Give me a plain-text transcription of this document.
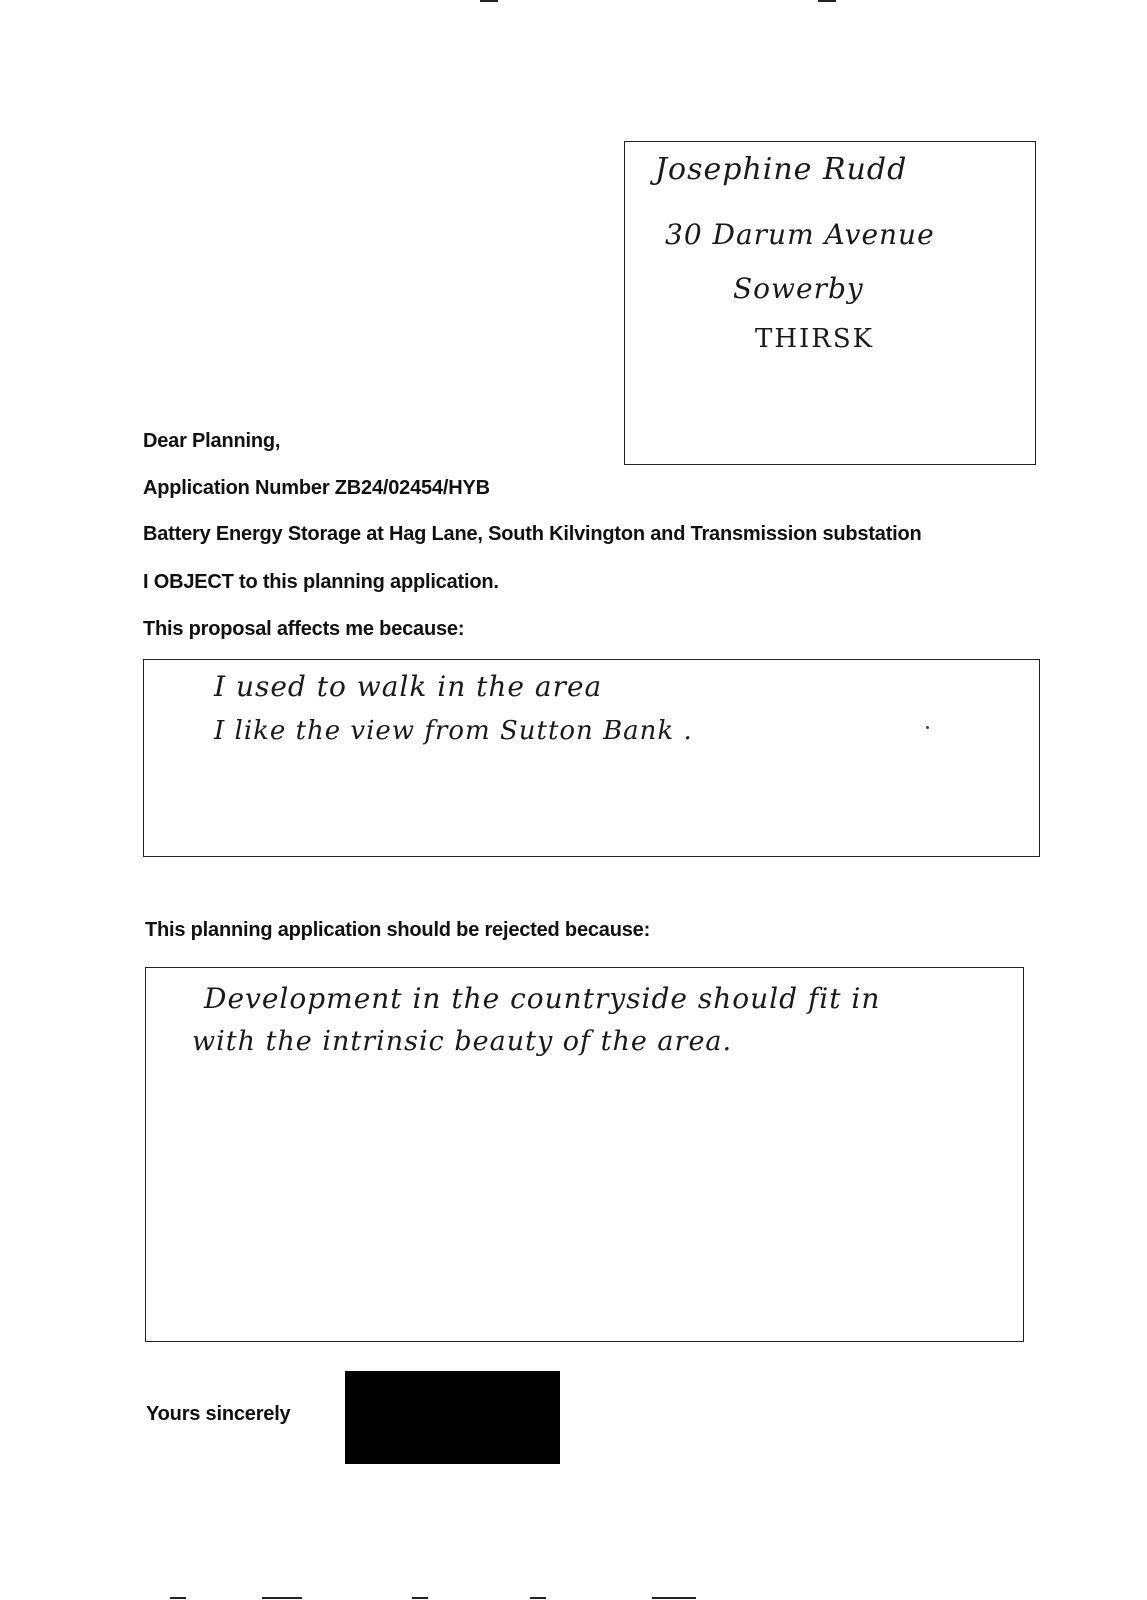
Josephine Rudd
30 Darum Avenue
Sowerby
THIRSK
Dear Planning,
Application Number ZB24/02454/HYB
Battery Energy Storage at Hag Lane, South Kilvington and Transmission substation
I OBJECT to this planning application.
This proposal affects me because:
I used to walk in the area
I like the view from Sutton Bank .
This planning application should be rejected because:
Development in the countryside should fit in
with the intrinsic beauty of the area.
Yours sincerely
